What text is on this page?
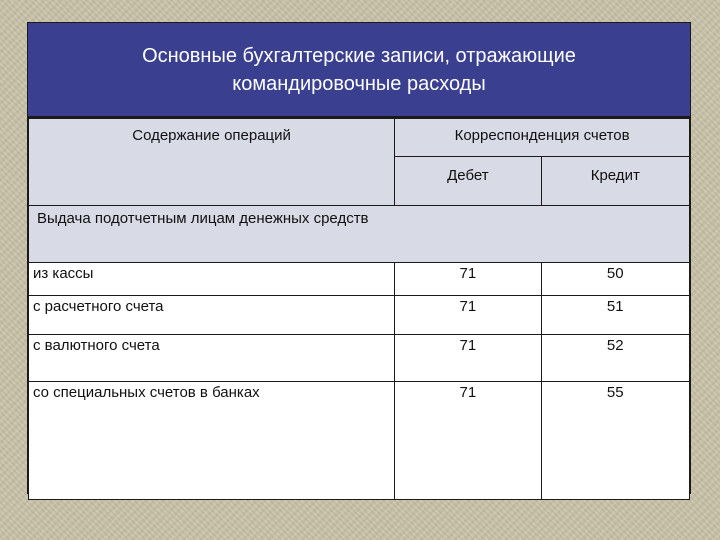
Основные бухгалтерские записи, отражающие
командировочные расходы
Содержание операций	Корреспонденция счетов	
	Дебет	Кредит
Выдача подотчетным лицам денежных средств		
из кассы	71	50
с расчетного счета	71	51
с валютного счета	71	52
со специальных счетов в банках	71	55
